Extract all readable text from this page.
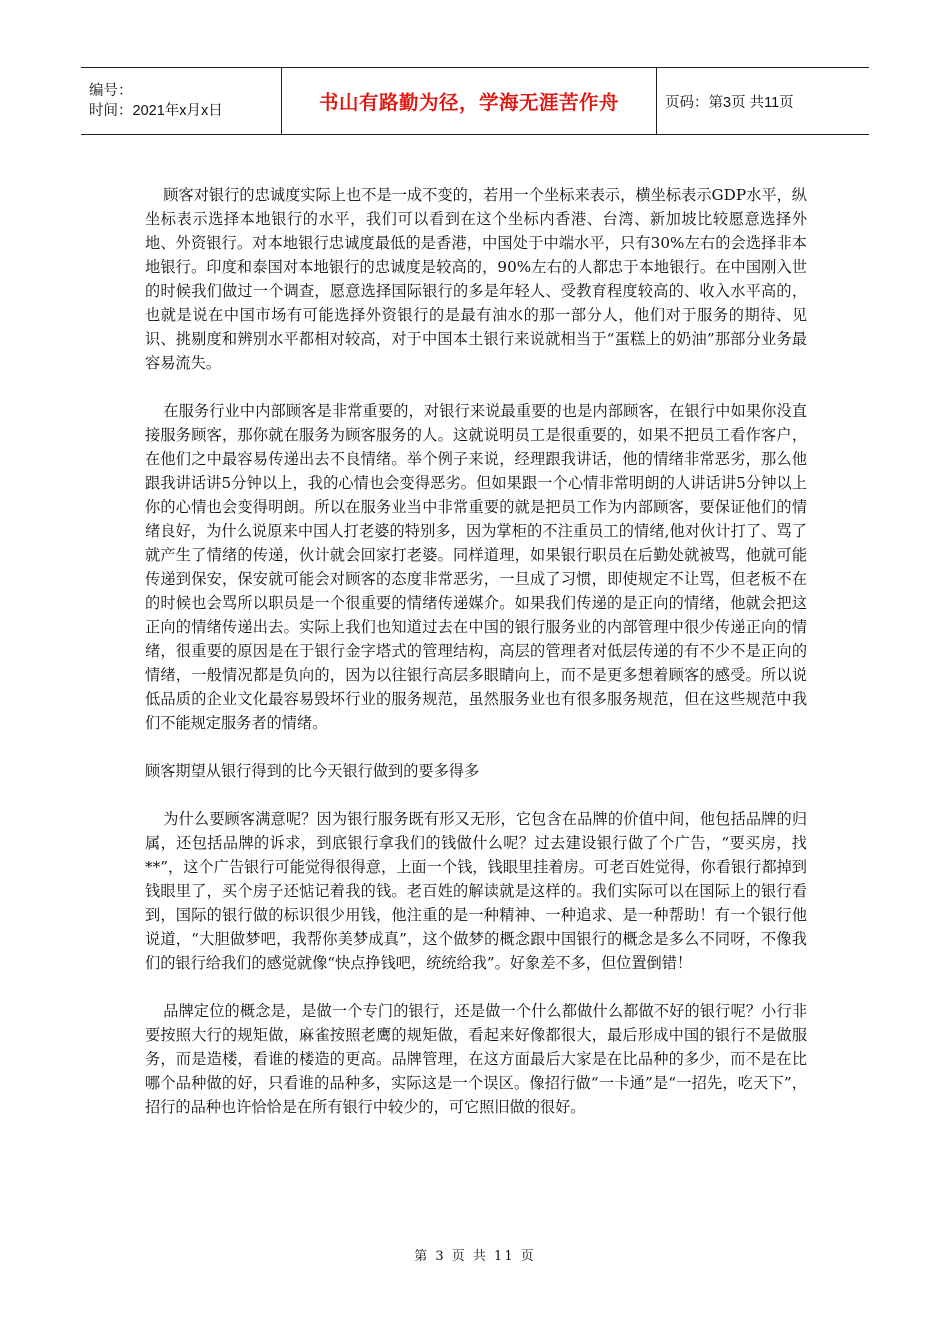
编号：
时间：2021年x月x日	书山有路勤为径，学海无涯苦作舟	页码：第3页 共11页

顾客对银行的忠诚度实际上也不是一成不变的，若用一个坐标来表示，横坐标表示GDP水平，纵坐标表示选择本地银行的水平，我们可以看到在这个坐标内香港、台湾、新加坡比较愿意选择外地、外资银行。对本地银行忠诚度最低的是香港，中国处于中端水平，只有30%左右的会选择非本地银行。印度和泰国对本地银行的忠诚度是较高的，90%左右的人都忠于本地银行。在中国刚入世的时候我们做过一个调查，愿意选择国际银行的多是年轻人、受教育程度较高的、收入水平高的，也就是说在中国市场有可能选择外资银行的是最有油水的那一部分人，他们对于服务的期待、见识、挑剔度和辨别水平都相对较高，对于中国本土银行来说就相当于“蛋糕上的奶油”那部分业务最容易流失。

在服务行业中内部顾客是非常重要的，对银行来说最重要的也是内部顾客，在银行中如果你没直接服务顾客，那你就在服务为顾客服务的人。这就说明员工是很重要的，如果不把员工看作客户，在他们之中最容易传递出去不良情绪。举个例子来说，经理跟我讲话，他的情绪非常恶劣，那么他跟我讲话讲5分钟以上，我的心情也会变得恶劣。但如果跟一个心情非常明朗的人讲话讲5分钟以上你的心情也会变得明朗。所以在服务业当中非常重要的就是把员工作为内部顾客，要保证他们的情绪良好，为什么说原来中国人打老婆的特别多，因为掌柜的不注重员工的情绪,他对伙计打了、骂了就产生了情绪的传递，伙计就会回家打老婆。同样道理，如果银行职员在后勤处就被骂，他就可能传递到保安，保安就可能会对顾客的态度非常恶劣，一旦成了习惯，即使规定不让骂，但老板不在的时候也会骂所以职员是一个很重要的情绪传递媒介。如果我们传递的是正向的情绪，他就会把这正向的情绪传递出去。实际上我们也知道过去在中国的银行服务业的内部管理中很少传递正向的情绪，很重要的原因是在于银行金字塔式的管理结构，高层的管理者对低层传递的有不少不是正向的情绪，一般情况都是负向的，因为以往银行高层多眼睛向上，而不是更多想着顾客的感受。所以说低品质的企业文化最容易毁坏行业的服务规范，虽然服务业也有很多服务规范，但在这些规范中我们不能规定服务者的情绪。

顾客期望从银行得到的比今天银行做到的要多得多

为什么要顾客满意呢？因为银行服务既有形又无形，它包含在品牌的价值中间，他包括品牌的归属，还包括品牌的诉求，到底银行拿我们的钱做什么呢？过去建设银行做了个广告，“要买房，找**”，这个广告银行可能觉得很得意，上面一个钱，钱眼里挂着房。可老百姓觉得，你看银行都掉到钱眼里了，买个房子还惦记着我的钱。老百姓的解读就是这样的。我们实际可以在国际上的银行看到，国际的银行做的标识很少用钱，他注重的是一种精神、一种追求、是一种帮助！有一个银行他说道，“大胆做梦吧，我帮你美梦成真”，这个做梦的概念跟中国银行的概念是多么不同呀，不像我们的银行给我们的感觉就像“快点挣钱吧，统统给我”。好象差不多，但位置倒错！

品牌定位的概念是，是做一个专门的银行，还是做一个什么都做什么都做不好的银行呢？小行非要按照大行的规矩做，麻雀按照老鹰的规矩做，看起来好像都很大，最后形成中国的银行不是做服务，而是造楼，看谁的楼造的更高。品牌管理，在这方面最后大家是在比品种的多少，而不是在比哪个品种做的好，只看谁的品种多，实际这是一个误区。像招行做“一卡通”是“一招先，吃天下”，招行的品种也许恰恰是在所有银行中较少的，可它照旧做的很好。

第 3 页 共 11 页
